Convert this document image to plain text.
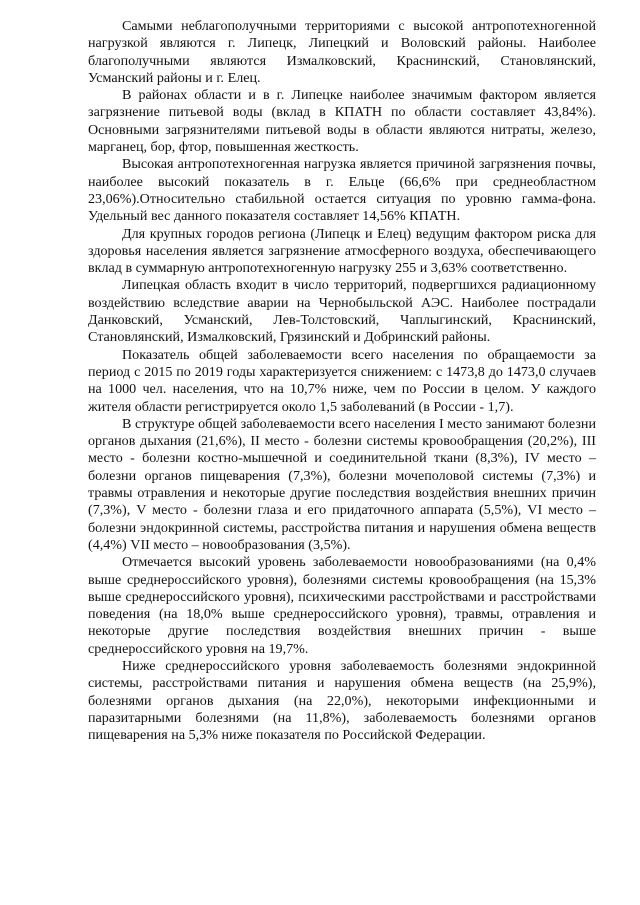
Самыми неблагополучными территориями с высокой антропотехногенной нагрузкой являются г. Липецк, Липецкий и Воловский районы. Наиболее благополучными являются Измалковский, Краснинский, Становлянский, Усманский районы и г. Елец.

В районах области и в г. Липецке наиболее значимым фактором является загрязнение питьевой воды (вклад в КПАТН по области составляет 43,84%). Основными загрязнителями питьевой воды в области являются нитраты, железо, марганец, бор, фтор, повышенная жесткость.

Высокая антропотехногенная нагрузка является причиной загрязнения почвы, наиболее высокий показатель в г. Ельце (66,6% при среднеобластном 23,06%).Относительно стабильной остается ситуация по уровню гамма-фона. Удельный вес данного показателя составляет 14,56% КПАТН.

Для крупных городов региона (Липецк и Елец) ведущим фактором риска для здоровья населения является загрязнение атмосферного воздуха, обеспечивающего вклад в суммарную антропотехногенную нагрузку 255 и 3,63% соответственно.

Липецкая область входит в число территорий, подвергшихся радиационному воздействию вследствие аварии на Чернобыльской АЭС. Наиболее пострадали Данковский, Усманский, Лев-Толстовский, Чаплыгинский, Краснинский, Становлянский, Измалковский, Грязинский и Добринский районы.

Показатель общей заболеваемости всего населения по обращаемости за период с 2015 по 2019 годы характеризуется снижением: с 1473,8 до 1473,0 случаев на 1000 чел. населения, что на 10,7% ниже, чем по России в целом. У каждого жителя области регистрируется около 1,5 заболеваний (в России - 1,7).

В структуре общей заболеваемости всего населения I место занимают болезни органов дыхания (21,6%), II место - болезни системы кровообращения (20,2%), III место - болезни костно-мышечной и соединительной ткани (8,3%), IV место – болезни органов пищеварения (7,3%), болезни мочеполовой системы (7,3%) и травмы отравления и некоторые другие последствия воздействия внешних причин (7,3%), V место - болезни глаза и его придаточного аппарата (5,5%), VI место – болезни эндокринной системы, расстройства питания и нарушения обмена веществ (4,4%) VII место – новообразования (3,5%).

Отмечается высокий уровень заболеваемости новообразованиями (на 0,4% выше среднероссийского уровня), болезнями системы кровообращения (на 15,3% выше среднероссийского уровня), психическими расстройствами и расстройствами поведения (на 18,0% выше среднероссийского уровня), травмы, отравления и некоторые другие последствия воздействия внешних причин - выше среднероссийского уровня на 19,7%.

Ниже среднероссийского уровня заболеваемость болезнями эндокринной системы, расстройствами питания и нарушения обмена веществ (на 25,9%), болезнями органов дыхания (на 22,0%), некоторыми инфекционными и паразитарными болезнями (на 11,8%), заболеваемость болезнями органов пищеварения на 5,3% ниже показателя по Российской Федерации.
